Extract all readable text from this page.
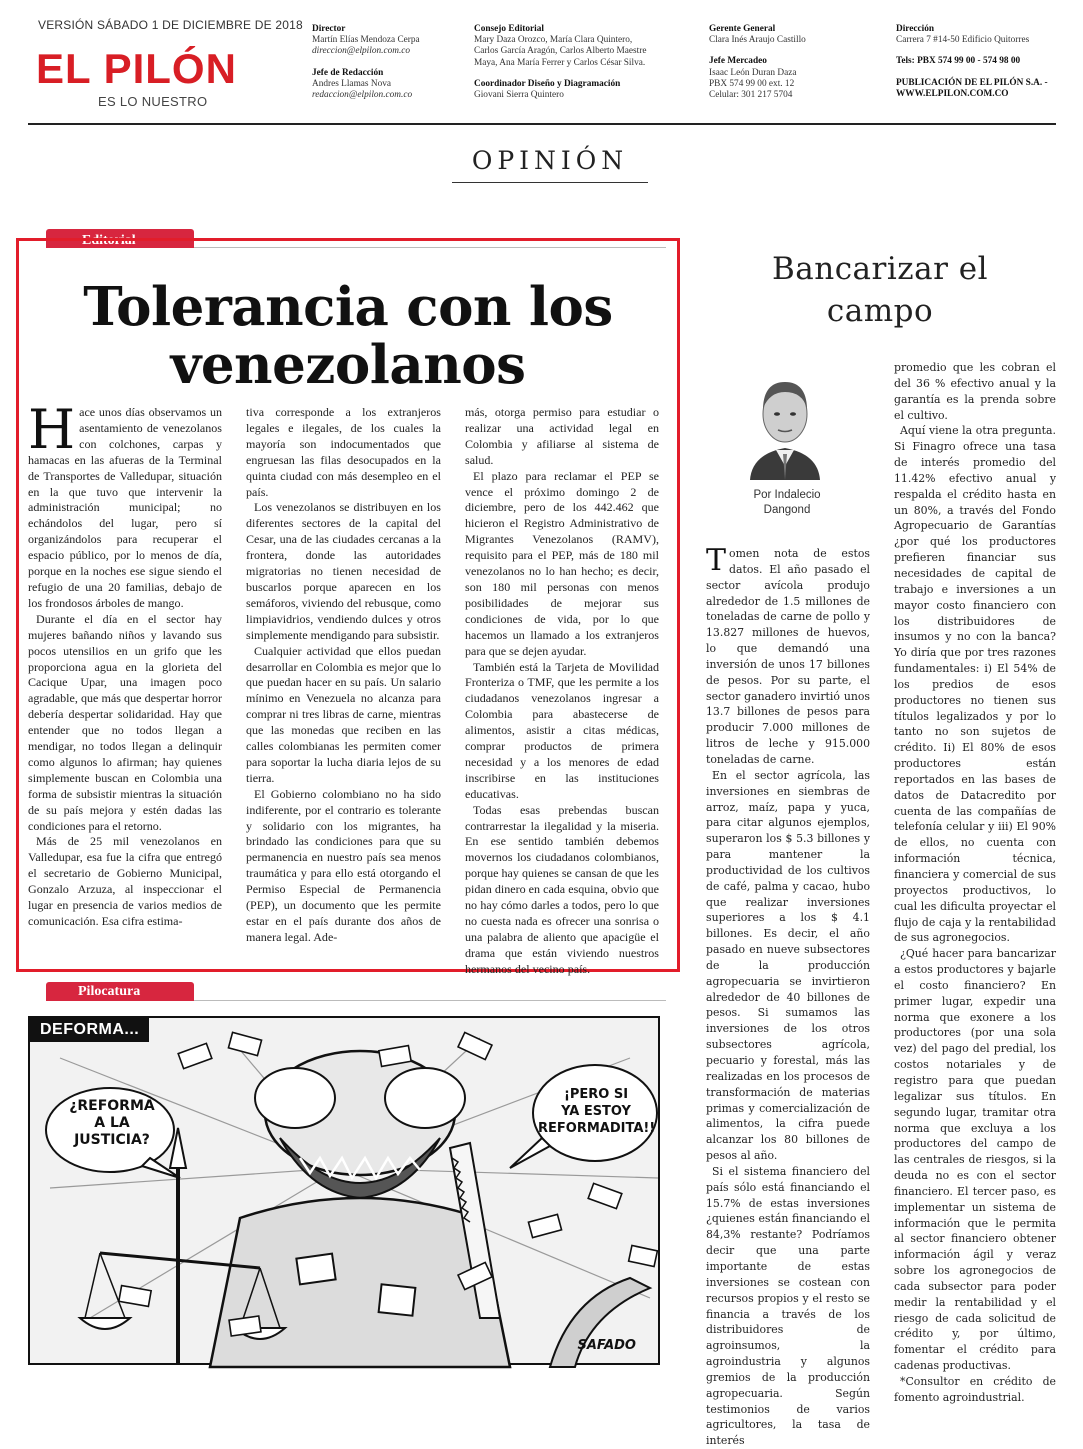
VERSIÓN SÁBADO 1 DE DICIEMBRE DE 2018
EL PILÓN
ES LO NUESTRO
Director
Martín Elías Mendoza Cerpa
direccion@elpilon.com.co
Jefe de Redacción
Andres Llamas Nova
redaccion@elpilon.com.co
Consejo Editorial
Mary Daza Orozco, María Clara Quintero,
Carlos García Aragón, Carlos Alberto Maestre
Maya, Ana María Ferrer y Carlos César Silva.
Coordinador Diseño y Diagramación
Giovani Sierra Quintero
Gerente General
Clara Inés Araujo Castillo
Jefe Mercadeo
Isaac León Duran Daza
PBX 574 99 00 ext. 12
Celular: 301 217 5704
Dirección
Carrera 7 #14-50 Edificio Quitorres
Tels: PBX 574 99 00 - 574 98 00
PUBLICACIÓN DE EL PILÓN S.A. -
WWW.ELPILON.COM.CO
OPINIÓN
Editorial
Tolerancia con los
venezolanos

Hace unos días observamos un asentamiento de venezolanos con colchones, carpas y hamacas en las afueras de la Terminal de Transportes de Valledupar, situación en la que tuvo que intervenir la administración municipal; no echándolos del lugar, pero sí organizándolos para recuperar el espacio público, por lo menos de día, porque en la noches ese sigue siendo el refugio de una 20 familias, debajo de los frondosos árboles de mango.

Durante el día en el sector hay mujeres bañando niños y lavando sus pocos utensilios en un grifo que les proporciona agua en la glorieta del Cacique Upar, una imagen poco agradable, que más que despertar horror debería despertar solidaridad. Hay que entender que no todos llegan a mendigar, no todos llegan a delinquir como algunos lo afirman; hay quienes simplemente buscan en Colombia una forma de subsistir mientras la situación de su país mejora y estén dadas las condiciones para el retorno.

Más de 25 mil venezolanos en Valledupar, esa fue la cifra que entregó el secretario de Gobierno Municipal, Gonzalo Arzuza, al inspeccionar el lugar en presencia de varios medios de comunicación. Esa cifra estima-

tiva corresponde a los extranjeros legales e ilegales, de los cuales la mayoría son indocumentados que engruesan las filas desocupados en la quinta ciudad con más desempleo en el país.

Los venezolanos se distribuyen en los diferentes sectores de la capital del Cesar, una de las ciudades cercanas a la frontera, donde las autoridades migratorias no tienen necesidad de buscarlos porque aparecen en los semáforos, viviendo del rebusque, como limpiavidrios, vendiendo dulces y otros simplemente mendigando para subsistir.

Cualquier actividad que ellos puedan desarrollar en Colombia es mejor que lo que puedan hacer en su país. Un salario mínimo en Venezuela no alcanza para comprar ni tres libras de carne, mientras que las monedas que reciben en las calles colombianas les permiten comer para soportar la lucha diaria lejos de su tierra.

El Gobierno colombiano no ha sido indiferente, por el contrario es tolerante y solidario con los migrantes, ha brindado las condiciones para que su permanencia en nuestro país sea menos traumática y para ello está otorgando el Permiso Especial de Permanencia (PEP), un documento que les permite estar en el país durante dos años de manera legal. Ade-

más, otorga permiso para estudiar o realizar una actividad legal en Colombia y afiliarse al sistema de salud.

El plazo para reclamar el PEP se vence el próximo domingo 2 de diciembre, pero de los 442.462 que hicieron el Registro Administrativo de Migrantes Venezolanos (RAMV), requisito para el PEP, más de 180 mil venezolanos no lo han hecho; es decir, son 180 mil personas con menos posibilidades de mejorar sus condiciones de vida, por lo que hacemos un llamado a los extranjeros para que se dejen ayudar.

También está la Tarjeta de Movilidad Fronteriza o TMF, que les permite a los ciudadanos venezolanos ingresar a Colombia para abastecerse de alimentos, asistir a citas médicas, comprar productos de primera necesidad y a los menores de edad inscribirse en las instituciones educativas.

Todas esas prebendas buscan contrarrestar la ilegalidad y la miseria. En ese sentido también debemos movernos los ciudadanos colombianos, porque hay quienes se cansan de que les pidan dinero en cada esquina, obvio que no hay cómo darles a todos, pero lo que no cuesta nada es ofrecer una sonrisa o una palabra de aliento que apacigüe el drama que están viviendo nuestros hermanos del vecino país.

Pilocatura
DEFORMA...
¿REFORMA
A LA
JUSTICIA?
¡PERO SI
YA ESTOY
REFORMADITA!!
SAFADO
Bancarizar el
campo
Por Indalecio
Dangond

Tomen nota de estos datos. El año pasado el sector avícola produjo alrededor de 1.5 millones de toneladas de carne de pollo y 13.827 millones de huevos, lo que demandó una inversión de unos 17 billones de pesos. Por su parte, el sector ganadero invirtió unos 13.7 billones de pesos para producir 7.000 millones de litros de leche y 915.000 toneladas de carne.

En el sector agrícola, las inversiones en siembras de arroz, maíz, papa y yuca, para citar algunos ejemplos, superaron los $ 5.3 billones y para mantener la productividad de los cultivos de café, palma y cacao, hubo que realizar inversiones superiores a los $ 4.1 billones. Es decir, el año pasado en nueve subsectores de la producción agropecuaria se invirtieron alrededor de 40 billones de pesos. Si sumamos las inversiones de los otros subsectores agrícola, pecuario y forestal, más las realizadas en los procesos de transformación de materias primas y comercialización de alimentos, la cifra puede alcanzar los 80 billones de pesos al año.

Si el sistema financiero del país sólo está financiando el 15.7% de estas inversiones ¿quienes están financiando el 84,3% restante? Podríamos decir que una parte importante de estas inversiones se costean con recursos propios y el resto se financia a través de los distribuidores de agroinsumos, la agroindustria y algunos gremios de la producción agropecuaria. Según testimonios de varios agricultores, la tasa de interés

promedio que les cobran el del 36 % efectivo anual y la garantía es la prenda sobre el cultivo.

Aquí viene la otra pregunta. Si Finagro ofrece una tasa de interés promedio del 11.42% efectivo anual y respalda el crédito hasta en un 80%, a través del Fondo Agropecuario de Garantías ¿por qué los productores prefieren financiar sus necesidades de capital de trabajo e inversiones a un mayor costo financiero con los distribuidores de insumos y no con la banca? Yo diría que por tres razones fundamentales: i) El 54% de los predios de esos productores no tienen sus títulos legalizados y por lo tanto no son sujetos de crédito. Ii) El 80% de esos productores están reportados en las bases de datos de Datacredito por cuenta de las compañías de telefonía celular y iii) El 90% de ellos, no cuenta con información técnica, financiera y comercial de sus proyectos productivos, lo cual les dificulta proyectar el flujo de caja y la rentabilidad de sus agronegocios.

¿Qué hacer para bancarizar a estos productores y bajarle el costo financiero? En primer lugar, expedir una norma que exonere a los productores (por una sola vez) del pago del predial, los costos notariales y de registro para que puedan legalizar sus títulos. En segundo lugar, tramitar otra norma que excluya a los productores del campo de las centrales de riesgos, si la deuda no es con el sector financiero. El tercer paso, es implementar un sistema de información que le permita al sector financiero obtener información ágil y veraz sobre los agronegocios de cada subsector para poder medir la rentabilidad y el riesgo de cada solicitud de crédito y, por último, fomentar el crédito para cadenas productivas.

*Consultor en crédito de fomento agroindustrial.
